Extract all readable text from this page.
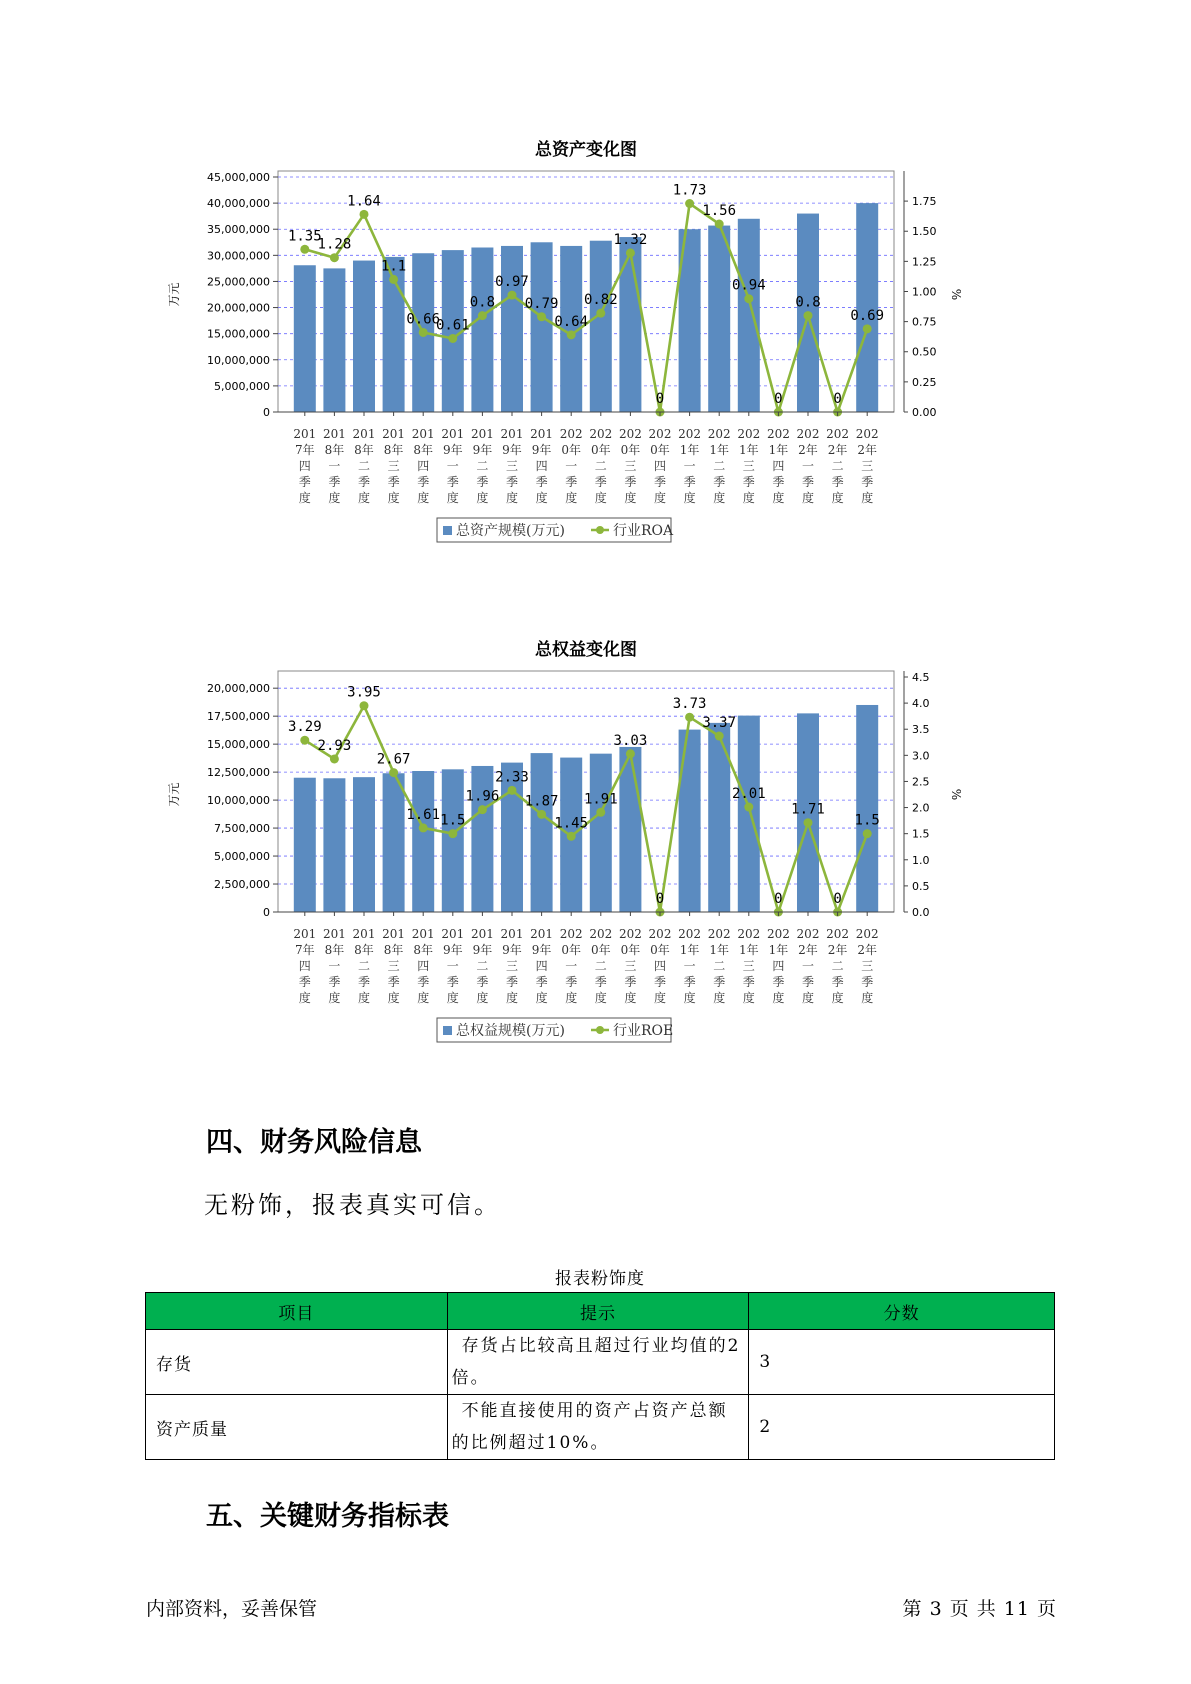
总资产变化图
0
5,000,000
10,000,000
15,000,000
20,000,000
25,000,000
30,000,000
35,000,000
40,000,000
45,000,000
0.00
0.25
0.50
0.75
1.00
1.25
1.50
1.75
万元	%
1.35
1.28
1.64
1.1
0.66
0.61
0.8
0.97
0.79
0.64
0.82
1.32
0
1.73
1.56
0.94
0
0.8
0
0.69
201
7年
四
季
度
201
8年
一
季
度
201
8年
二
季
度
201
8年
三
季
度
201
8年
四
季
度
201
9年
一
季
度
201
9年
二
季
度
201
9年
三
季
度
201
9年
四
季
度
202
0年
一
季
度
202
0年
二
季
度
202
0年
三
季
度
202
0年
四
季
度
202
1年
一
季
度
202
1年
二
季
度
202
1年
三
季
度
202
1年
四
季
度
202
2年
一
季
度
202
2年
二
季
度
202
2年
三
季
度
总资产规模(万元)	行业ROA
总权益变化图
0
2,500,000
5,000,000
7,500,000
10,000,000
12,500,000
15,000,000
17,500,000
20,000,000
0.0
0.5
1.0
1.5
2.0
2.5
3.0
3.5
4.0
4.5
万元	%
3.29
2.93
3.95
2.67
1.61 1.5
1.96
2.33
1.87
1.45
1.91
3.03
0
3.73
3.37
2.01
0
1.71
0
1.5
201
7年
四
季
度
201
8年
一
季
度
201
8年
二
季
度
201
8年
三
季
度
201
8年
四
季
度
201
9年
一
季
度
201
9年
二
季
度
201
9年
三
季
度
201
9年
四
季
度
202
0年
一
季
度
202
0年
二
季
度
202
0年
三
季
度
202
0年
四
季
度
202
1年
一
季
度
202
1年
二
季
度
202
1年
三
季
度
202
1年
四
季
度
202
2年
一
季
度
202
2年
二
季
度
202
2年
三
季
度
总权益规模(万元)	行业ROE
四、财务风险信息

无粉饰，报表真实可信。

报表粉饰度
项目	提示	分数
存货	存货占比较高且超过行业均值的2
倍。	3
资产质量	不能直接使用的资产占资产总额
的比例超过10%。	2
五、关键财务指标表
内部资料，妥善保管	第 3 页 共 11 页
